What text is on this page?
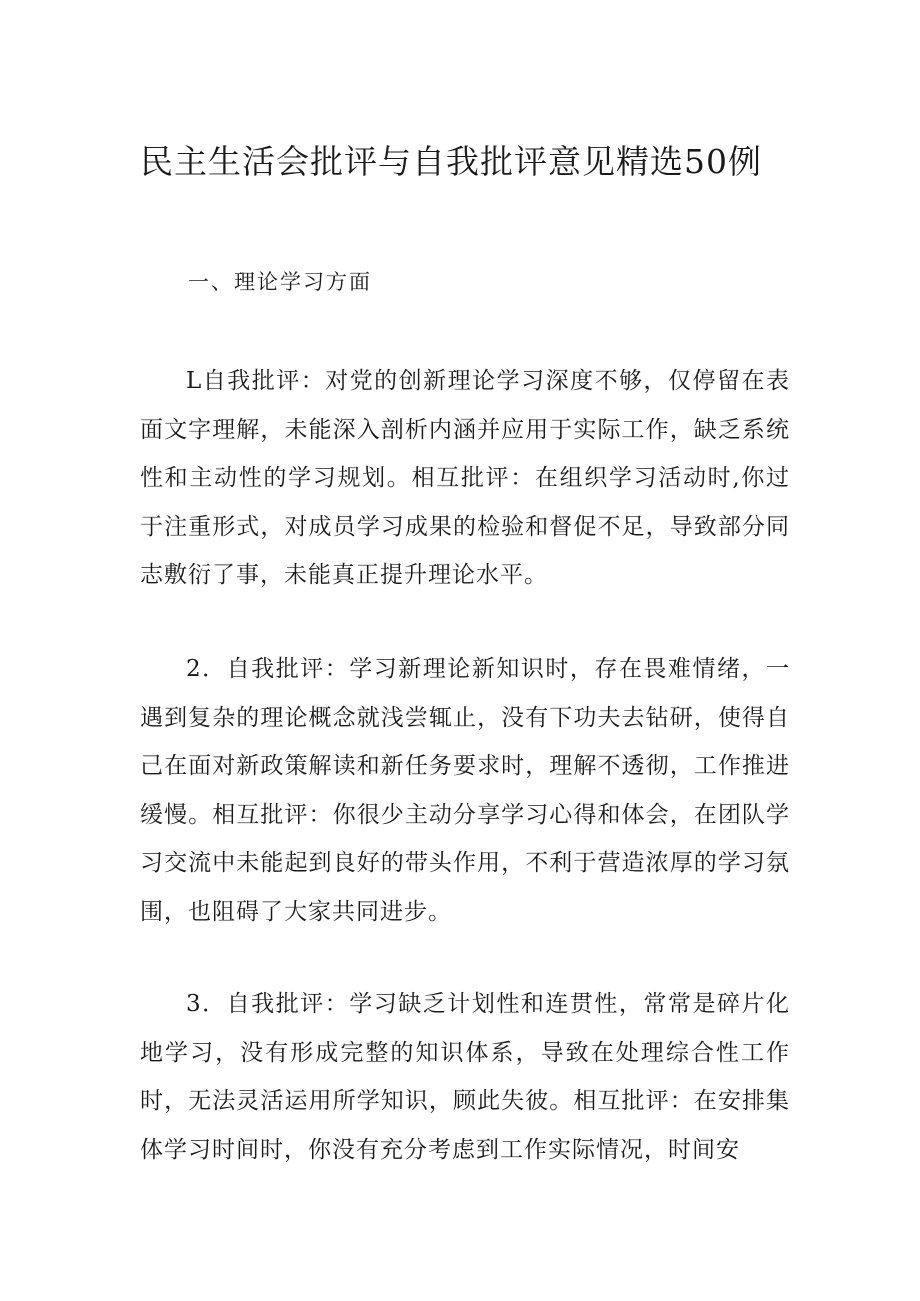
民主生活会批评与自我批评意见精选50例
一、理论学习方面

L自我批评：对党的创新理论学习深度不够，仅停留在表面文字理解，未能深入剖析内涵并应用于实际工作，缺乏系统性和主动性的学习规划。相互批评：在组织学习活动时,你过于注重形式，对成员学习成果的检验和督促不足，导致部分同志敷衍了事，未能真正提升理论水平。

2．自我批评：学习新理论新知识时，存在畏难情绪，一遇到复杂的理论概念就浅尝辄止，没有下功夫去钻研，使得自己在面对新政策解读和新任务要求时，理解不透彻，工作推进缓慢。相互批评：你很少主动分享学习心得和体会，在团队学习交流中未能起到良好的带头作用，不利于营造浓厚的学习氛围，也阻碍了大家共同进步。

3．自我批评：学习缺乏计划性和连贯性，常常是碎片化地学习，没有形成完整的知识体系，导致在处理综合性工作时，无法灵活运用所学知识，顾此失彼。相互批评：在安排集体学习时间时，你没有充分考虑到工作实际情况，时间安
